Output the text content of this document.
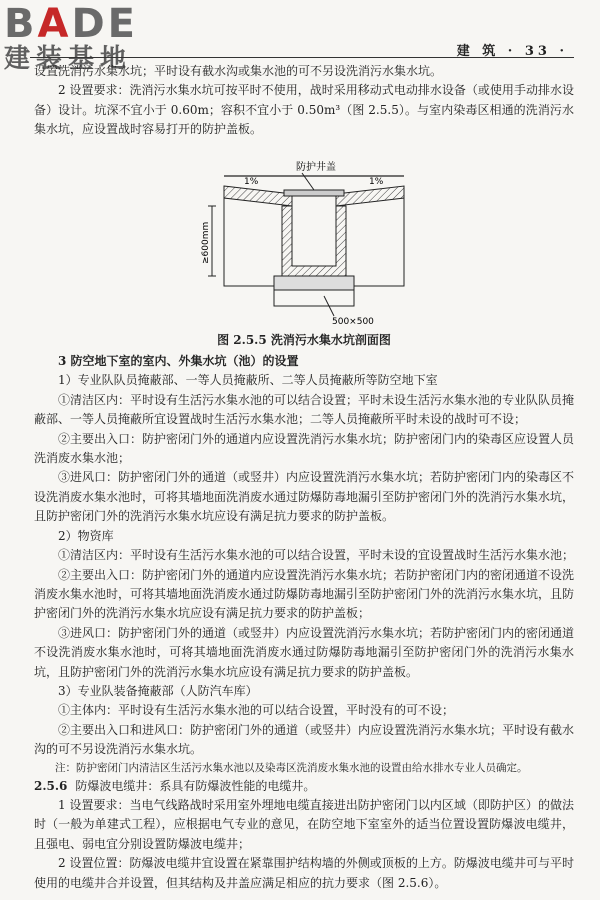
B A DE
建装基地	建 筑 · 33 ·

设置洗消污水集水坑；平时设有截水沟或集水池的可不另设洗消污水集水坑。

2 设置要求：洗消污水集水坑可按平时不使用，战时采用移动式电动排水设备（或使用手动排水设备）设计。坑深不宜小于 0.60m；容积不宜小于 0.50m³（图 2.5.5）。与室内染毒区相通的洗消污水集水坑，应设置战时容易打开的防护盖板。

≥600mm
防护井盖
1%	1%
500×500

图 2.5.5 洗消污水集水坑剖面图

3 防空地下室的室内、外集水坑（池）的设置

1）专业队队员掩蔽部、一等人员掩蔽所、二等人员掩蔽所等防空地下室

①清洁区内：平时设有生活污水集水池的可以结合设置；平时未设生活污水集水池的专业队队员掩蔽部、一等人员掩蔽所宜设置战时生活污水集水池；二等人员掩蔽所平时未设的战时可不设；

②主要出入口：防护密闭门外的通道内应设置洗消污水集水坑；防护密闭门内的染毒区应设置人员洗消废水集水池；

③进风口：防护密闭门外的通道（或竖井）内应设置洗消污水集水坑；若防护密闭门内的染毒区不设洗消废水集水池时，可将其墙地面洗消废水通过防爆防毒地漏引至防护密闭门外的洗消污水集水坑，且防护密闭门外的洗消污水集水坑应设有满足抗力要求的防护盖板。

2）物资库

①清洁区内：平时设有生活污水集水池的可以结合设置，平时未设的宜设置战时生活污水集水池；

②主要出入口：防护密闭门外的通道内应设置洗消污水集水坑；若防护密闭门内的密闭通道不设洗消废水集水池时，可将其墙地面洗消废水通过防爆防毒地漏引至防护密闭门外的洗消污水集水坑，且防护密闭门外的洗消污水集水坑应设有满足抗力要求的防护盖板；

③进风口：防护密闭门外的通道（或竖井）内应设置洗消污水集水坑；若防护密闭门内的密闭通道不设洗消废水集水池时，可将其墙地面洗消废水通过防爆防毒地漏引至防护密闭门外的洗消污水集水坑，且防护密闭门外的洗消污水集水坑应设有满足抗力要求的防护盖板。

3）专业队装备掩蔽部（人防汽车库）

①主体内：平时设有生活污水集水池的可以结合设置，平时没有的可不设；

②主要出入口和进风口：防护密闭门外的通道（或竖井）内应设置洗消污水集水坑；平时设有截水沟的可不另设洗消污水集水坑。

注：防护密闭门内清洁区生活污水集水池以及染毒区洗消废水集水池的设置由给水排水专业人员确定。

2.5.6 防爆波电缆井：系具有防爆波性能的电缆井。

1 设置要求：当电气线路战时采用室外埋地电缆直接进出防护密闭门以内区域（即防护区）的做法时（一般为单建式工程），应根据电气专业的意见，在防空地下室室外的适当位置设置防爆波电缆井，且强电、弱电宜分别设置防爆波电缆井；

2 设置位置：防爆波电缆井宜设置在紧靠围护结构墙的外侧或顶板的上方。防爆波电缆井可与平时使用的电缆井合并设置，但其结构及井盖应满足相应的抗力要求（图 2.5.6）。
